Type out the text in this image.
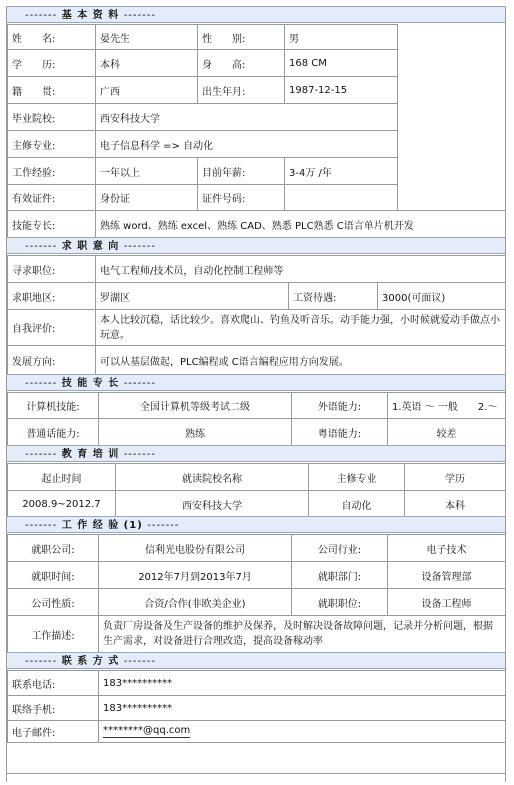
------- 基 本 资 料 -------
姓　　名:	晏先生	性　　别:	男
学　　历:	本科	身　　高:	168 CM
籍　　贯:	广西	出生年月:	1987-12-15
毕业院校:	西安科技大学		
主修专业:	电子信息科学 => 自动化		
工作经验:	一年以上	目前年薪:	3-4万 /年
有效证件:	身份证	证件号码:	
技能专长:	熟练 word、熟练 excel、熟练 CAD、熟悉 PLC熟悉 C语言单片机开发
------- 求 职 意 向 -------
寻求职位:	电气工程师/技术员，自动化控制工程师等		
求职地区:	罗湖区	工资待遇:	3000(可面议)
自我评价:	本人比较沉稳，话比较少。喜欢爬山、钓鱼及听音乐。动手能力强，小时候就爱动手做点小玩意。		
发展方向:	可以从基层做起，PLC编程或 C语言编程应用方向发展。		
------- 技 能 专 长 -------
计算机技能:	全国计算机等级考试二级	外语能力:	1.英语 ～ 一般　　2.～
普通话能力:	熟练	粤语能力:	较差
------- 教 育 培 训 -------
起止时间	就读院校名称	主修专业	学历
2008.9~2012.7	西安科技大学	自动化	本科
------- 工 作 经 验 (1) -------
就职公司:	信利光电股份有限公司	公司行业:	电子技术
就职时间:	2012年7月到2013年7月	就职部门:	设备管理部
公司性质:	合资/合作(非欧美企业)	就职职位:	设备工程师
工作描述:	负责厂房设备及生产设备的维护及保养，及时解决设备故障问题，记录并分析问题，根据生产需求，对设备进行合理改造，提高设备稼动率		
------- 联 系 方 式 -------
联系电话:	183**********
联络手机:	183**********
电子邮件:	********@qq.com
